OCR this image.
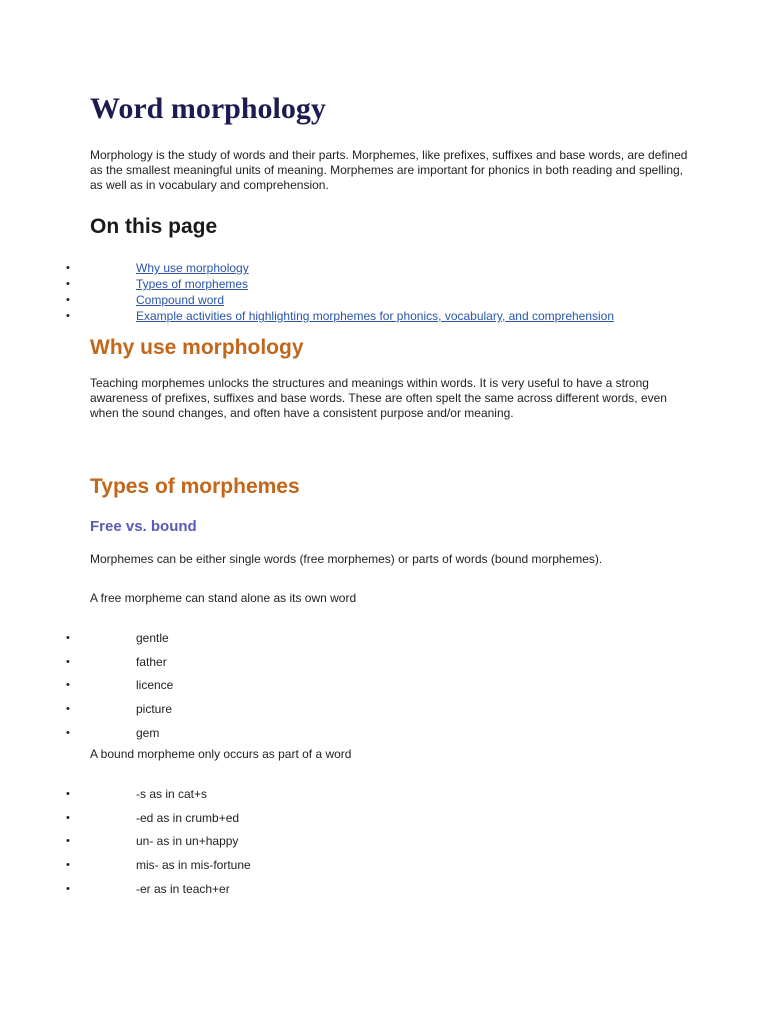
Word morphology

Morphology is the study of words and their parts. Morphemes, like prefixes, suffixes and base words, are defined as the smallest meaningful units of meaning. Morphemes are important for phonics in both reading and spelling, as well as in vocabulary and comprehension.

On this page
•	Why use morphology
•	Types of morphemes
•	Compound word
•	Example activities of highlighting morphemes for phonics, vocabulary, and comprehension
Why use morphology

Teaching morphemes unlocks the structures and meanings within words. It is very useful to have a strong awareness of prefixes, suffixes and base words. These are often spelt the same across different words, even when the sound changes, and often have a consistent purpose and/or meaning.

Types of morphemes
Free vs. bound

Morphemes can be either single words (free morphemes) or parts of words (bound morphemes).

A free morpheme can stand alone as its own word

•	gentle
•	father
•	licence
•	picture
•	gem

A bound morpheme only occurs as part of a word

•	-s as in cat+s
•	-ed as in crumb+ed
•	un- as in un+happy
•	mis- as in mis-fortune
•	-er as in teach+er
